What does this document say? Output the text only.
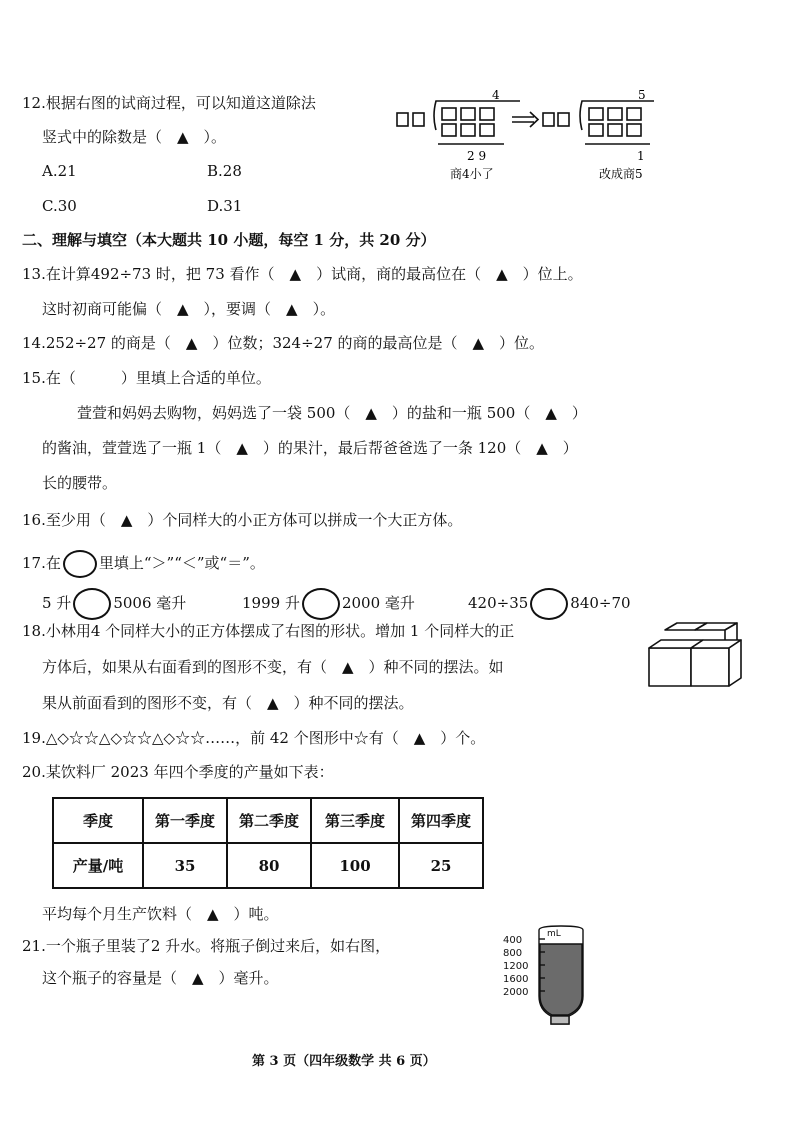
12.根据右图的试商过程，可以知道这道除法
竖式中的除数是（　▲　）。
A.21	B.28
C.30	D.31
4
2 9
商4小了
5
1
改成商5
二、理解与填空（本大题共 10 小题，每空 1 分，共 20 分）
13.在计算492÷73 时，把 73 看作（　▲　）试商，商的最高位在（　▲　）位上。
这时初商可能偏（　▲　），要调（　▲　）。
14.252÷27 的商是（　▲　）位数；324÷27 的商的最高位是（　▲　）位。
15.在（　　　）里填上合适的单位。
萱萱和妈妈去购物，妈妈选了一袋 500（　▲　）的盐和一瓶 500（　▲　）
的酱油，萱萱选了一瓶 1（　▲　）的果汁，最后帮爸爸选了一条 120（　▲　）
长的腰带。
16.至少用（　▲　）个同样大的小正方体可以拼成一个大正方体。
17.在	里填上“＞”“＜”或“＝”。
5 升	5006 毫升	1999 升	2000 毫升	420÷35	840÷70
18.小林用4 个同样大小的正方体摆成了右图的形状。增加 1 个同样大的正
方体后，如果从右面看到的图形不变，有（　▲　）种不同的摆法。如
果从前面看到的图形不变，有（　▲　）种不同的摆法。
19.△◇☆☆△◇☆☆△◇☆☆……，前 42 个图形中☆有（　▲　）个。
20.某饮料厂 2023 年四个季度的产量如下表：
季度	第一季度	第二季度	第三季度	第四季度
产量/吨	35	80	100	25
平均每个月生产饮料（　▲　）吨。
21.一个瓶子里装了2 升水。将瓶子倒过来后，如右图，
这个瓶子的容量是（　▲　）毫升。
mL
400
800
1200
1600
2000
第 3 页（四年级数学 共 6 页）
